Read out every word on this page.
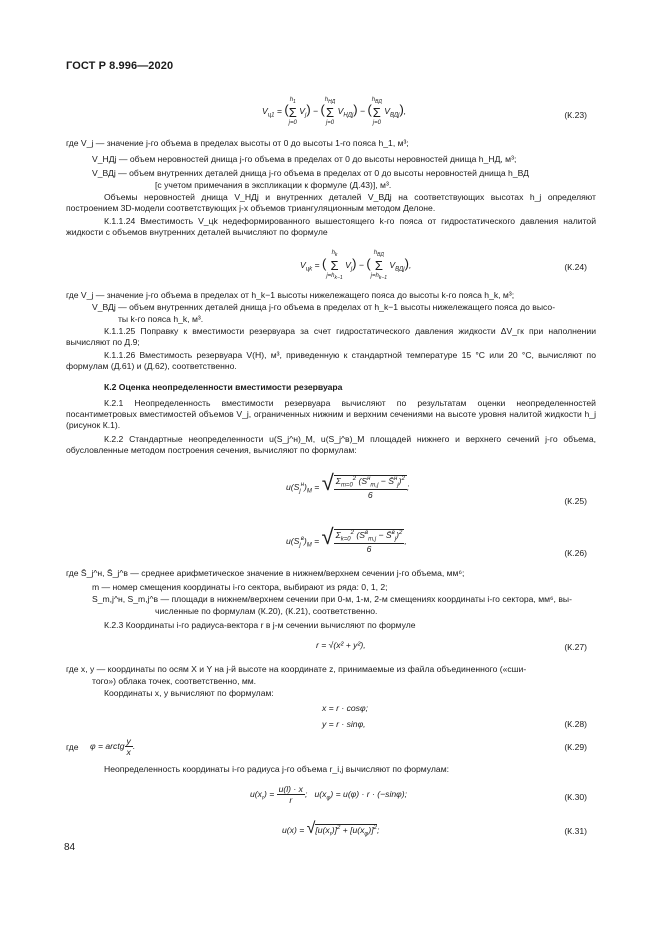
ГОСТ Р 8.996—2020
$V_{ц1}$ = (
$h_1$
Σ
j=0
$V_j$) − (
$h_{НД}$
Σ
j=0
$V_{НДj}$) − (
$h_{ВД}$
Σ
j=0
$V_{ВДj}$),	(К.23)
где V_j — значение j-го объема в пределах высоты от 0 до высоты 1-го пояса h_1, м³;
V_НДj — объем неровностей днища j-го объема в пределах от 0 до высоты неровностей днища h_НД, м³;
V_ВДj — объем внутренних деталей днища j-го объема в пределах от 0 до высоты неровностей днища h_ВД
[с учетом примечания в экспликации к формуле (Д.43)], м³.
Объемы неровностей днища V_НДj и внутренних деталей V_ВДj на соответствующих высотах h_j определяют построением 3D-модели соответствующих j-х объемов триангуляционным методом Делоне.
К.1.1.24 Вместимость V_цk недеформированного вышестоящего k-го пояса от гидростатического давления налитой жидкости с объемов внутренних деталей вычисляют по формуле
$V_{цk}$ = (
$h_k$
Σ
$j=h_{k-1}$
$V_j$) − (
$h_{ВД}$
Σ
$j=h_{k-1}$
$V_{ВДj}$),	(К.24)
где V_j — значение j-го объема в пределах от h_k−1 высоты нижележащего пояса до высоты k-го пояса h_k, м³;
V_ВДj — объем внутренних деталей днища j-го объема в пределах от h_k−1 высоты нижележащего пояса до высо-
ты k-го пояса h_k, м³.
К.1.1.25 Поправку к вместимости резервуара за счет гидростатического давления жидкости ΔV_гк при наполнении вычисляют по Д.9;
К.1.1.26 Вместимость резервуара V(H), м³, приведенную к стандартной температуре 15 °С или 20 °С, вычисляют по формулам (Д.61) и (Д.62), соответственно.
К.2 Оценка неопределенности вместимости резервуара
К.2.1 Неопределенность вместимости резервуара вычисляют по результатам оценки неопределенностей посантиметровых вместимостей объемов V_j, ограниченных нижним и верхним сечениями на высоте уровня налитой жидкости h_j (рисунок К.1).
К.2.2 Стандартные неопределенности u(S_j^н)_М, u(S_j^в)_М площадей нижнего и верхнего сечений j-го объема, обусловленные методом построения сечения, вычисляют по формулам:
$u(S_j^н)_М$ = √ $\frac{\Sigma_{m=0}^2 (S^н_{m,j} - S̄^н_j)^2}{6}$ ;
(К.25)
$u(S_j^в)_М$ = √ $\frac{\Sigma_{k=0}^2 (S^в_{m,j} - S̄^в_j)^2}{6}$ ,
(К.26)
где S̄_j^н, S̄_j^в — среднее арифметическое значение в нижнем/верхнем сечении j-го объема, мм⁶;
m — номер смещения координаты i-го сектора, выбирают из ряда: 0, 1, 2;
S_m,j^н, S_m,j^в — площади в нижнем/верхнем сечении при 0-м, 1-м, 2-м смещениях координаты i-го сектора, мм⁶, вы-
численные по формулам (К.20), (К.21), соответственно.
К.2.3 Координаты i-го радиуса-вектора r в j-м сечении вычисляют по формуле
r = √(x² + y²),	(К.27)
где x, y — координаты по осям X и Y на j-й высоте на координате z, принимаемые из файла объединенного («сши-
того») облака точек, соответственно, мм.
Координаты x, y вычисляют по формулам:
x = r · cosφ;
y = r · sinφ,	(К.28)
где φ = arctg $\frac{y}{x}$ .	(К.29)
Неопределенность координаты i-го радиуса j-го объема r_i,j вычисляют по формулам:
$u(x_r) = \frac{u(l) \cdot x}{r}$ ;   $u(x_\varphi) = u(\varphi) \cdot r \cdot (-\sin\varphi)$;	(К.30)
$u(x) = √[u(x_r)]^2 + [u(x_\varphi)]^2$;	(К.31)
84
